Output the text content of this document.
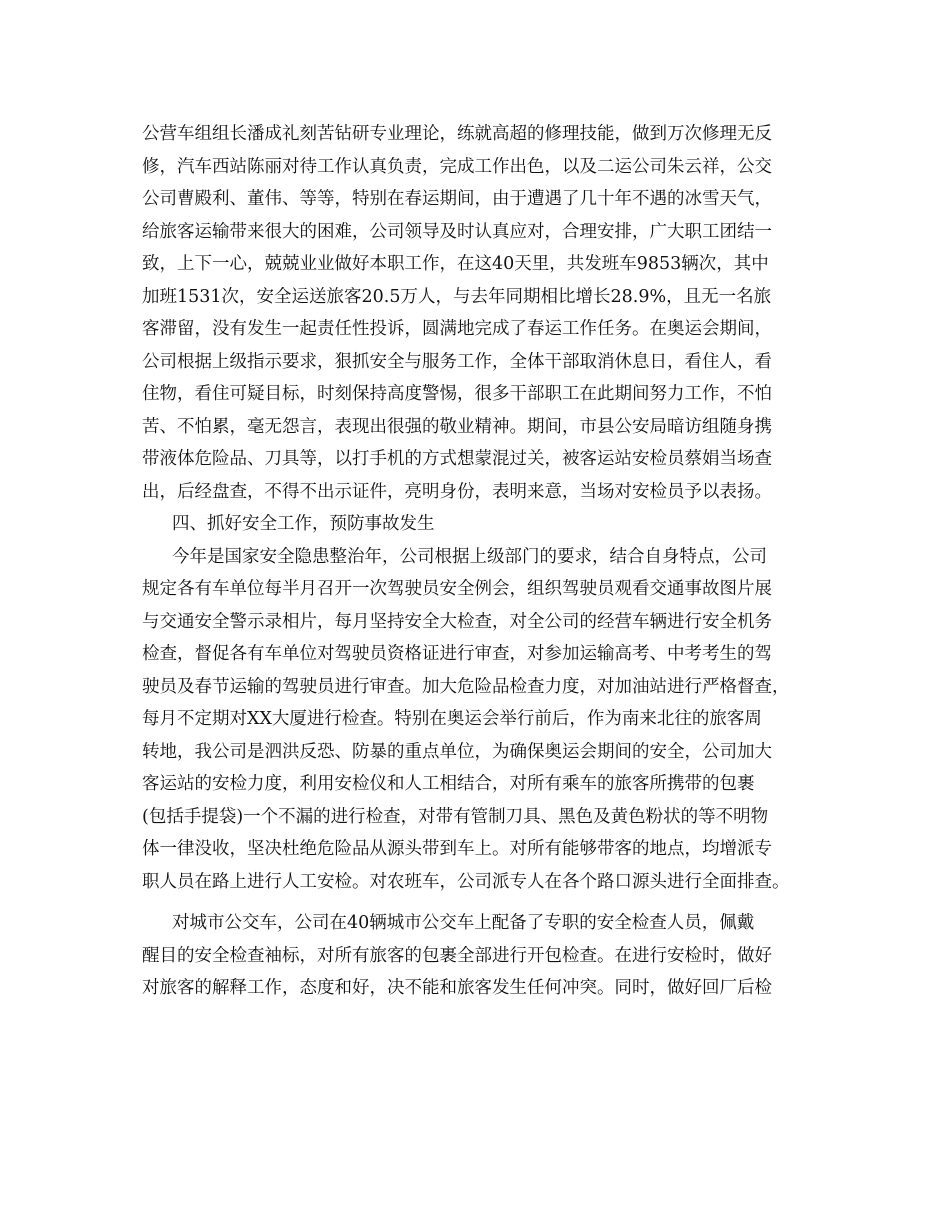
公营车组组长潘成礼刻苦钻研专业理论，练就高超的修理技能，做到万次修理无反
修，汽车西站陈丽对待工作认真负责，完成工作出色，以及二运公司朱云祥，公交
公司曹殿利、董伟、等等，特别在春运期间，由于遭遇了几十年不遇的冰雪天气，
给旅客运输带来很大的困难，公司领导及时认真应对，合理安排，广大职工团结一
致，上下一心，兢兢业业做好本职工作，在这40天里，共发班车9853辆次，其中
加班1531次，安全运送旅客20.5万人，与去年同期相比增长28.9%，且无一名旅
客滞留，没有发生一起责任性投诉，圆满地完成了春运工作任务。在奥运会期间，
公司根据上级指示要求，狠抓安全与服务工作，全体干部取消休息日，看住人，看
住物，看住可疑目标，时刻保持高度警惕，很多干部职工在此期间努力工作，不怕
苦、不怕累，毫无怨言，表现出很强的敬业精神。期间，市县公安局暗访组随身携
带液体危险品、刀具等，以打手机的方式想蒙混过关，被客运站安检员蔡娟当场查
出，后经盘查，不得不出示证件，亮明身份，表明来意，当场对安检员予以表扬。
四、抓好安全工作，预防事故发生
今年是国家安全隐患整治年，公司根据上级部门的要求，结合自身特点，公司
规定各有车单位每半月召开一次驾驶员安全例会，组织驾驶员观看交通事故图片展
与交通安全警示录相片，每月坚持安全大检查，对全公司的经营车辆进行安全机务
检查，督促各有车单位对驾驶员资格证进行审查，对参加运输高考、中考考生的驾
驶员及春节运输的驾驶员进行审查。加大危险品检查力度，对加油站进行严格督查，
每月不定期对XX大厦进行检查。特别在奥运会举行前后，作为南来北往的旅客周
转地，我公司是泗洪反恐、防暴的重点单位，为确保奥运会期间的安全，公司加大
客运站的安检力度，利用安检仪和人工相结合，对所有乘车的旅客所携带的包裹
(包括手提袋)一个不漏的进行检查，对带有管制刀具、黑色及黄色粉状的等不明物
体一律没收，坚决杜绝危险品从源头带到车上。对所有能够带客的地点，均增派专
职人员在路上进行人工安检。对农班车，公司派专人在各个路口源头进行全面排查。
对城市公交车，公司在40辆城市公交车上配备了专职的安全检查人员，佩戴
醒目的安全检查袖标，对所有旅客的包裹全部进行开包检查。在进行安检时，做好
对旅客的解释工作，态度和好，决不能和旅客发生任何冲突。同时，做好回厂后检
